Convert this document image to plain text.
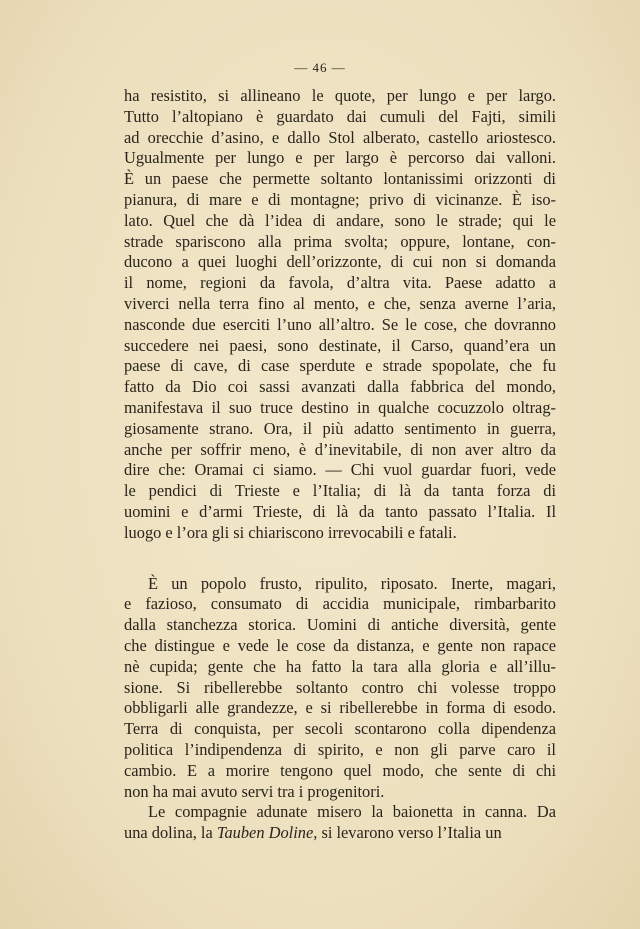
— 46 —
ha resistito, si allineano le quote, per lungo e per largo.
Tutto l’altopiano è guardato dai cumuli del Fajti, simili
ad orecchie d’asino, e dallo Stol alberato, castello ariostesco.
Ugualmente per lungo e per largo è percorso dai valloni.
È un paese che permette soltanto lontanissimi orizzonti di
pianura, di mare e di montagne; privo di vicinanze. È iso-
lato. Quel che dà l’idea di andare, sono le strade; qui le
strade spariscono alla prima svolta; oppure, lontane, con-
ducono a quei luoghi dell’orizzonte, di cui non si domanda
il nome, regioni da favola, d’altra vita. Paese adatto a
viverci nella terra fino al mento, e che, senza averne l’aria,
nasconde due eserciti l’uno all’altro. Se le cose, che dovranno
succedere nei paesi, sono destinate, il Carso, quand’era un
paese di cave, di case sperdute e strade spopolate, che fu
fatto da Dio coi sassi avanzati dalla fabbrica del mondo,
manifestava il suo truce destino in qualche cocuzzolo oltrag-
giosamente strano. Ora, il più adatto sentimento in guerra,
anche per soffrir meno, è d’inevitabile, di non aver altro da
dire che: Oramai ci siamo. — Chi vuol guardar fuori, vede
le pendici di Trieste e l’Italia; di là da tanta forza di
uomini e d’armi Trieste, di là da tanto passato l’Italia. Il
luogo e l’ora gli si chiariscono irrevocabili e fatali.
È un popolo frusto, ripulito, riposato. Inerte, magari,
e fazioso, consumato di accidia municipale, rimbarbarito
dalla stanchezza storica. Uomini di antiche diversità, gente
che distingue e vede le cose da distanza, e gente non rapace
nè cupida; gente che ha fatto la tara alla gloria e all’illu-
sione. Si ribellerebbe soltanto contro chi volesse troppo
obbligarli alle grandezze, e si ribellerebbe in forma di esodo.
Terra di conquista, per secoli scontarono colla dipendenza
politica l’indipendenza di spirito, e non gli parve caro il
cambio. E a morire tengono quel modo, che sente di chi
non ha mai avuto servi tra i progenitori.
Le compagnie adunate misero la baionetta in canna. Da
una dolina, la Tauben Doline, si levarono verso l’Italia un
